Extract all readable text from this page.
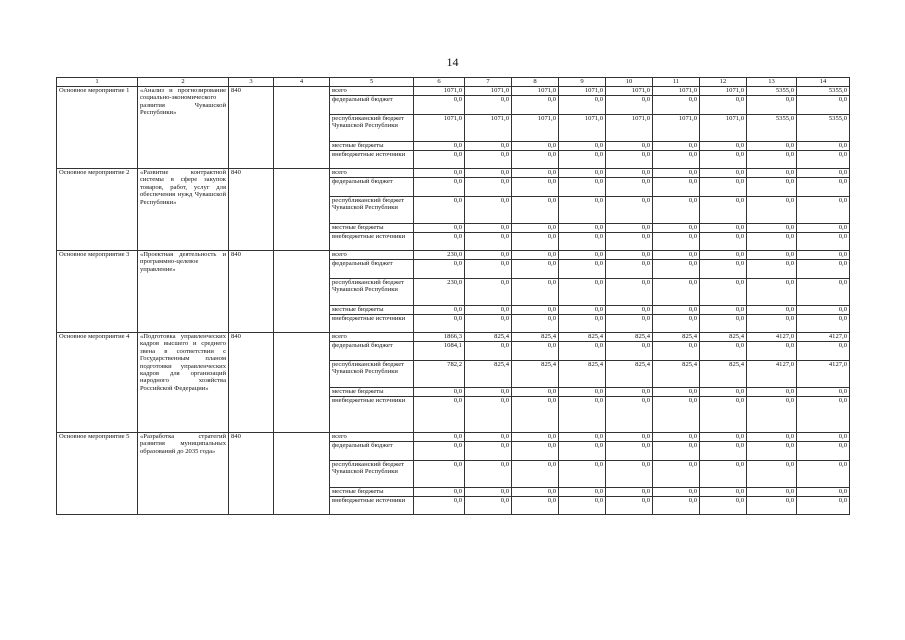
14
1	2	3	4	5	6	7	8	9	10	11	12	13	14
Основное мероприятие 1	«Анализ и прогнозирование социально-экономического развития Чувашской Республики»	840		всего	1071,0	1071,0	1071,0	1071,0	1071,0	1071,0	1071,0	5355,0	5355,0
				федеральный бюджет	0,0	0,0	0,0	0,0	0,0	0,0	0,0	0,0	0,0
				республиканский бюджет Чувашской Республики	1071,0	1071,0	1071,0	1071,0	1071,0	1071,0	1071,0	5355,0	5355,0
				местные бюджеты	0,0	0,0	0,0	0,0	0,0	0,0	0,0	0,0	0,0
				внебюджетные источники	0,0	0,0	0,0	0,0	0,0	0,0	0,0	0,0	0,0
Основное мероприятие 2	«Развитие контрактной системы в сфере закупок товаров, работ, услуг для обеспечения нужд Чувашской Республики»	840		всего	0,0	0,0	0,0	0,0	0,0	0,0	0,0	0,0	0,0
				федеральный бюджет	0,0	0,0	0,0	0,0	0,0	0,0	0,0	0,0	0,0
				республиканский бюджет Чувашской Республики	0,0	0,0	0,0	0,0	0,0	0,0	0,0	0,0	0,0
				местные бюджеты	0,0	0,0	0,0	0,0	0,0	0,0	0,0	0,0	0,0
				внебюджетные источники	0,0	0,0	0,0	0,0	0,0	0,0	0,0	0,0	0,0
Основное мероприятие 3	«Проектная деятельность и программно-целевое управление»	840		всего	230,0	0,0	0,0	0,0	0,0	0,0	0,0	0,0	0,0
				федеральный бюджет	0,0	0,0	0,0	0,0	0,0	0,0	0,0	0,0	0,0
				республиканский бюджет Чувашской Республики	230,0	0,0	0,0	0,0	0,0	0,0	0,0	0,0	0,0
				местные бюджеты	0,0	0,0	0,0	0,0	0,0	0,0	0,0	0,0	0,0
				внебюджетные источники	0,0	0,0	0,0	0,0	0,0	0,0	0,0	0,0	0,0
Основное мероприятие 4	«Подготовка управленческих кадров высшего и среднего звена в соответствии с Государственным планом подготовки управленческих кадров для организаций народного хозяйства Российской Федерации»	840		всего	1866,3	825,4	825,4	825,4	825,4	825,4	825,4	4127,0	4127,0
				федеральный бюджет	1084,1	0,0	0,0	0,0	0,0	0,0	0,0	0,0	0,0
				республиканский бюджет Чувашской Республики	782,2	825,4	825,4	825,4	825,4	825,4	825,4	4127,0	4127,0
				местные бюджеты	0,0	0,0	0,0	0,0	0,0	0,0	0,0	0,0	0,0
				внебюджетные источники	0,0	0,0	0,0	0,0	0,0	0,0	0,0	0,0	0,0
Основное мероприятие 5	«Разработка стратегий развития муниципальных образований до 2035 года»	840		всего	0,0	0,0	0,0	0,0	0,0	0,0	0,0	0,0	0,0
				федеральный бюджет	0,0	0,0	0,0	0,0	0,0	0,0	0,0	0,0	0,0
				республиканский бюджет Чувашской Республики	0,0	0,0	0,0	0,0	0,0	0,0	0,0	0,0	0,0
				местные бюджеты	0,0	0,0	0,0	0,0	0,0	0,0	0,0	0,0	0,0
				внебюджетные источники	0,0	0,0	0,0	0,0	0,0	0,0	0,0	0,0	0,0
